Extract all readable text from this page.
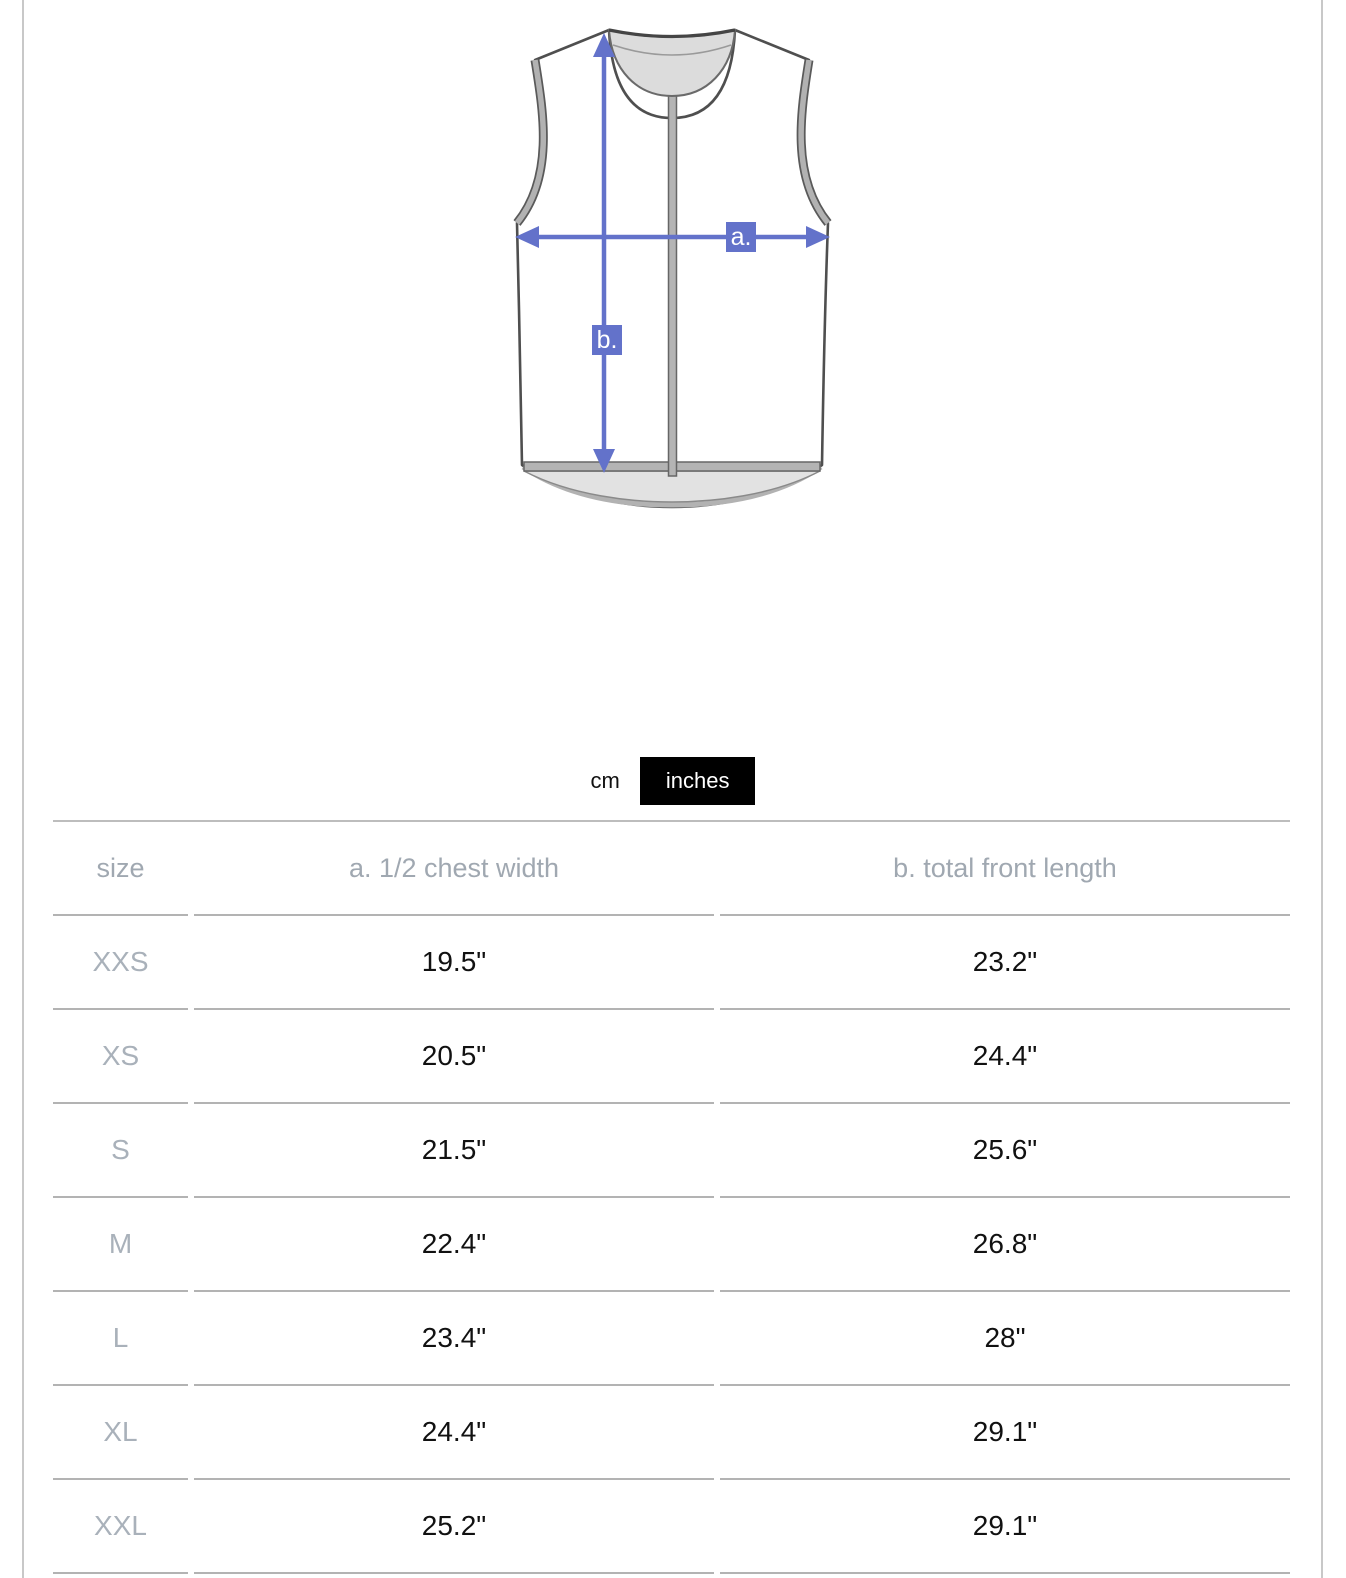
a.
b.
cm	inches
size	a. 1/2 chest width	b. total front length
XXS	19.5"	23.2"
XS	20.5"	24.4"
S	21.5"	25.6"
M	22.4"	26.8"
L	23.4"	28"
XL	24.4"	29.1"
XXL	25.2"	29.1"
